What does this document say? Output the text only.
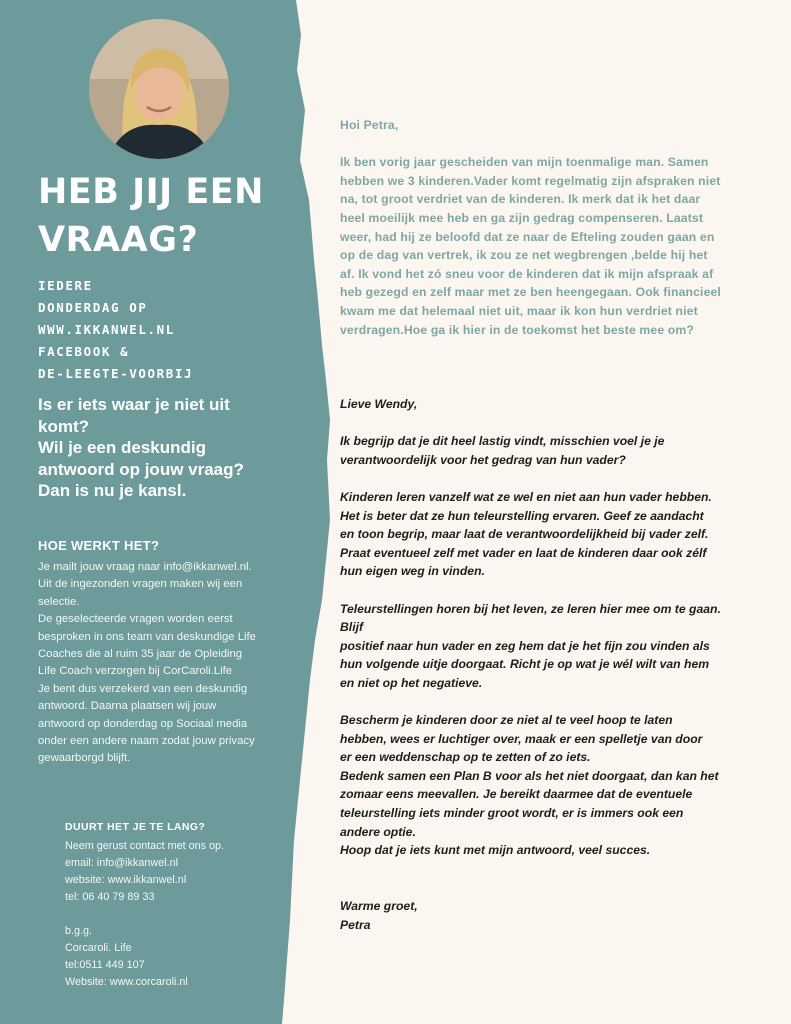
HEB JIJ EEN
VRAAG?
IEDERE
DONDERDAG OP
WWW.IKKANWEL.NL
FACEBOOK &
DE-LEEGTE-VOORBIJ
Is er iets waar je niet uit
komt?
Wil je een deskundig
antwoord op jouw vraag?
Dan is nu je kansl.
HOE WERKT HET?
Je mailt jouw vraag naar info@ikkanwel.nl.
Uit de ingezonden vragen maken wij een
selectie.
De geselecteerde vragen worden eerst
besproken in ons team van deskundige Life
Coaches die al ruim 35 jaar de Opleiding
Life Coach verzorgen bij CorCaroli.Life
Je bent dus verzekerd van een deskundig
antwoord. Daarna plaatsen wij jouw
antwoord op donderdag op Sociaal media
onder een andere naam zodat jouw privacy
gewaarborgd blijft.
DUURT HET JE TE LANG?
Neem gerust contact met ons op.
email: info@ikkanwel.nl
website: www.ikkanwel.nl
tel: 06 40 79 89 33
b.g.g.
Corcaroli. Life
tel:0511 449 107
Website: www.corcaroli.nl
Hoi Petra,
Ik ben vorig jaar gescheiden van mijn toenmalige man. Samen
hebben we 3 kinderen.Vader komt regelmatig zijn afspraken niet
na, tot groot verdriet van de kinderen. Ik merk dat ik het daar
heel moeilijk mee heb en ga zijn gedrag compenseren. Laatst
weer, had hij ze beloofd dat ze naar de Efteling zouden gaan en
op de dag van vertrek, ik zou ze net wegbrengen ,belde hij het
af. Ik vond het zó sneu voor de kinderen dat ik mijn afspraak af
heb gezegd en zelf maar met ze ben heengegaan. Ook financieel
kwam me dat helemaal niet uit, maar ik kon hun verdriet niet
verdragen.Hoe ga ik hier in de toekomst het beste mee om?
Lieve Wendy,
Ik begrijp dat je dit heel lastig vindt, misschien voel je je
verantwoordelijk voor het gedrag van hun vader?
Kinderen leren vanzelf wat ze wel en niet aan hun vader hebben.
Het is beter dat ze hun teleurstelling ervaren. Geef ze aandacht
en toon begrip, maar laat de verantwoordelijkheid bij vader zelf.
Praat eventueel zelf met vader en laat de kinderen daar ook zélf
hun eigen weg in vinden.
Teleurstellingen horen bij het leven, ze leren hier mee om te gaan.
Blijf
positief naar hun vader en zeg hem dat je het fijn zou vinden als
hun volgende uitje doorgaat. Richt je op wat je wél wilt van hem
en niet op het negatieve.
Bescherm je kinderen door ze niet al te veel hoop te laten
hebben, wees er luchtiger over, maak er een spelletje van door
er een weddenschap op te zetten of zo iets.
Bedenk samen een Plan B voor als het niet doorgaat, dan kan het
zomaar eens meevallen. Je bereikt daarmee dat de eventuele
teleurstelling iets minder groot wordt, er is immers ook een
andere optie.
Hoop dat je iets kunt met mijn antwoord, veel succes.
Warme groet,
Petra
